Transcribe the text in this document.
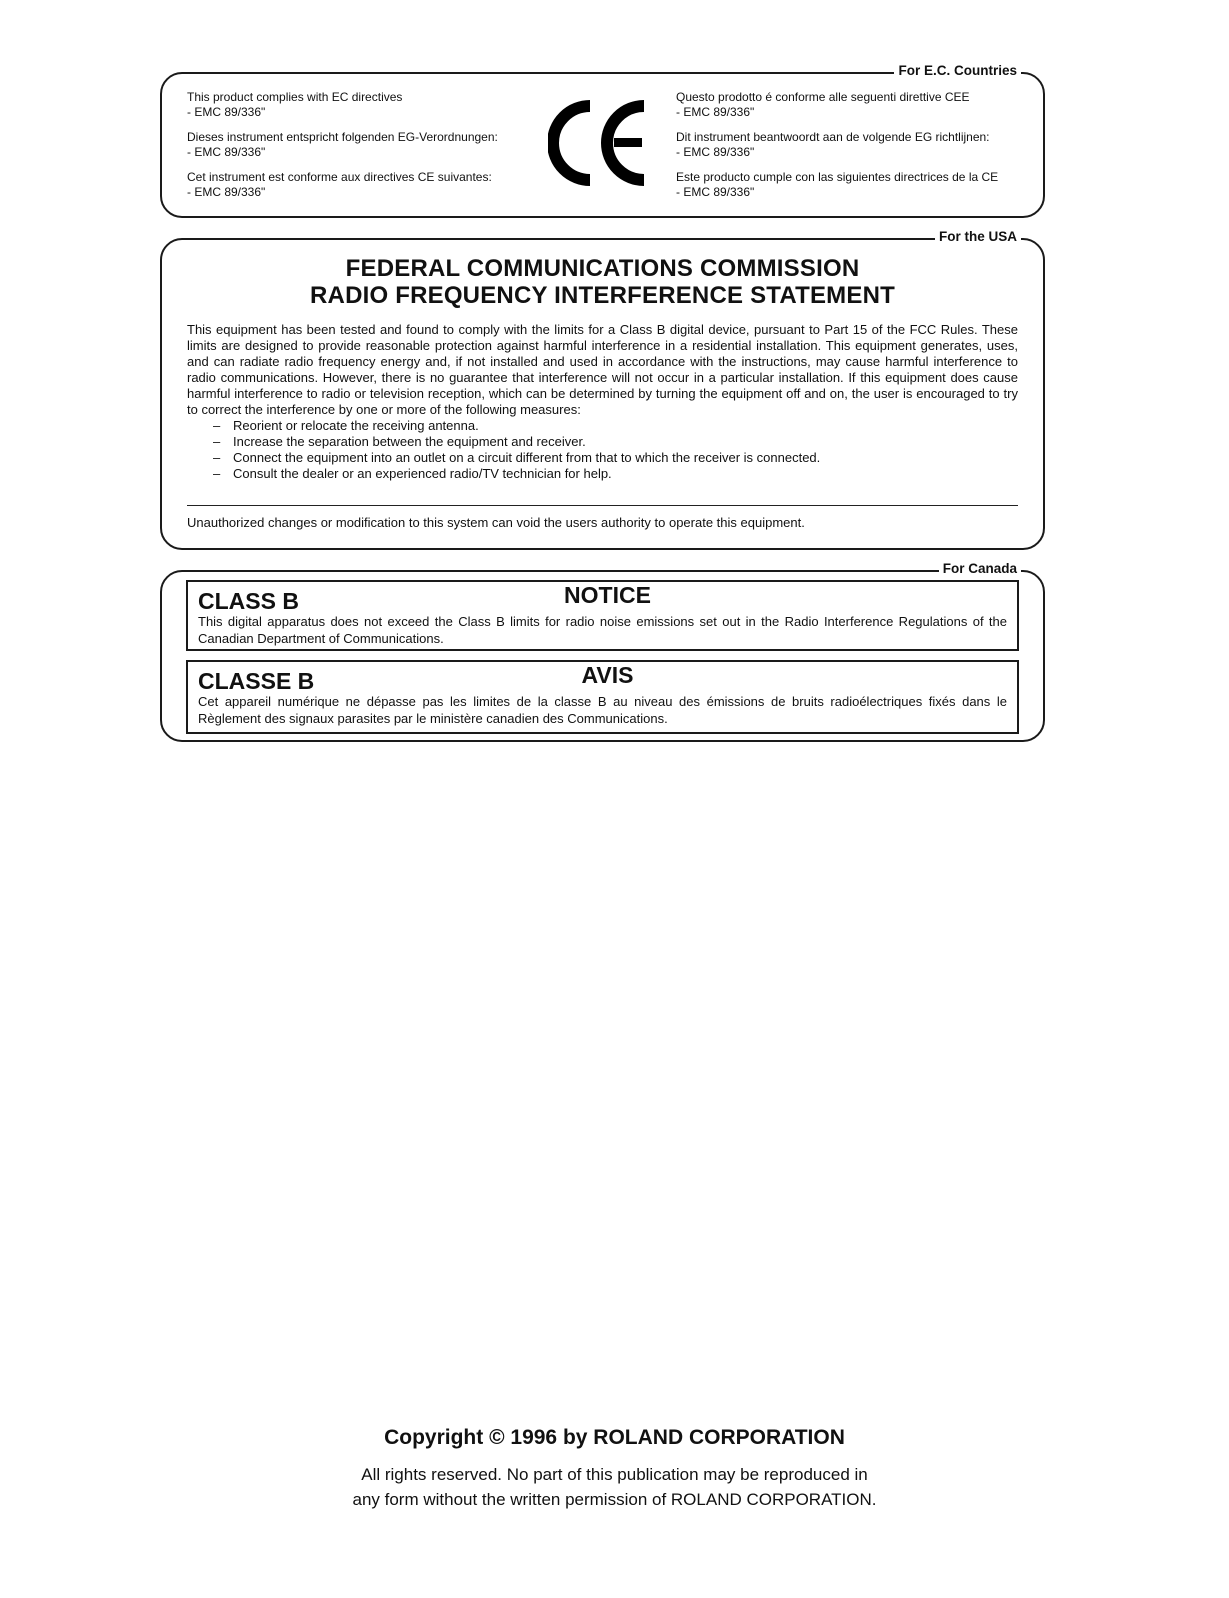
For E.C. Countries

This product complies with EC directives
- EMC 89/336"

Dieses instrument entspricht folgenden EG-Verordnungen:
- EMC 89/336"

Cet instrument est conforme aux directives CE suivantes:
- EMC 89/336"

Questo prodotto é conforme alle seguenti direttive CEE
- EMC 89/336"

Dit instrument beantwoordt aan de volgende EG richtlijnen:
- EMC 89/336"

Este producto cumple con las siguientes directrices de la CE
- EMC 89/336"

For the USA
FEDERAL COMMUNICATIONS COMMISSION
RADIO FREQUENCY INTERFERENCE STATEMENT
This equipment has been tested and found to comply with the limits for a Class B digital device, pursuant to Part 15 of the FCC Rules. These limits are designed to provide reasonable protection against harmful interference in a residential installation. This equipment generates, uses, and can radiate radio frequency energy and, if not installed and used in accordance with the instructions, may cause harmful interference to radio communications. However, there is no guarantee that interference will not occur in a particular installation. If this equipment does cause harmful interference to radio or television reception, which can be determined by turning the equipment off and on, the user is encouraged to try to correct the interference by one or more of the following measures:
– Reorient or relocate the receiving antenna.
– Increase the separation between the equipment and receiver.
– Connect the equipment into an outlet on a circuit different from that to which the receiver is connected.
– Consult the dealer or an experienced radio/TV technician for help.
Unauthorized changes or modification to this system can void the users authority to operate this equipment.
For Canada
CLASS B	NOTICE
This digital apparatus does not exceed the Class B limits for radio noise emissions set out in the Radio Interference Regulations of the Canadian Department of Communications.
CLASSE B	AVIS
Cet appareil numérique ne dépasse pas les limites de la classe B au niveau des émissions de bruits radioélectriques fixés dans le Règlement des signaux parasites par le ministère canadien des Communications.
Copyright © 1996 by ROLAND CORPORATION
All rights reserved. No part of this publication may be reproduced in
any form without the written permission of ROLAND CORPORATION.
